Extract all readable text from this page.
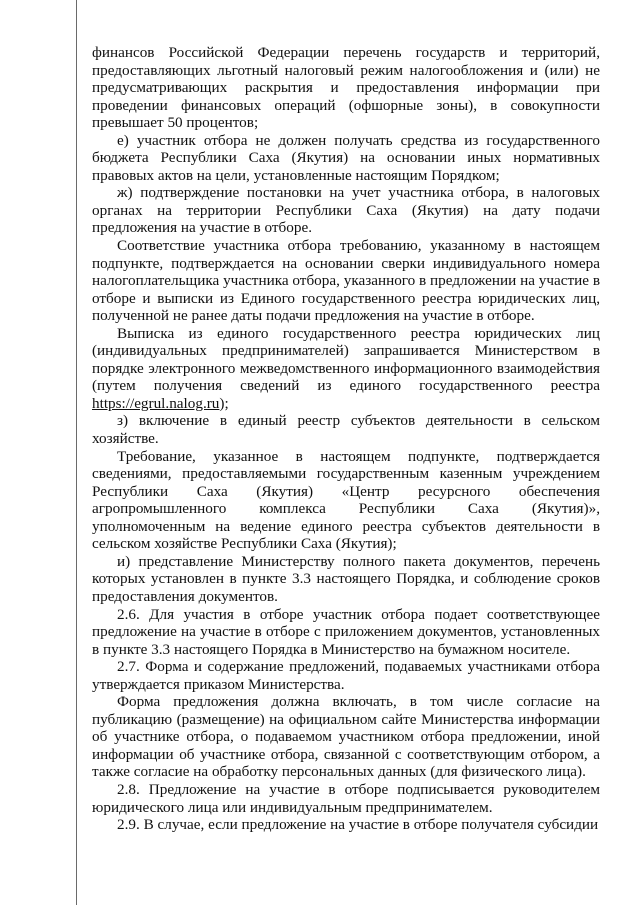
финансов Российской Федерации перечень государств и территорий, предоставляющих льготный налоговый режим налогообложения и (или) не предусматривающих раскрытия и предоставления информации при проведении финансовых операций (офшорные зоны), в совокупности превышает 50 процентов;

е) участник отбора не должен получать средства из государственного бюджета Республики Саха (Якутия) на основании иных нормативных правовых актов на цели, установленные настоящим Порядком;

ж) подтверждение постановки на учет участника отбора, в налоговых органах на территории Республики Саха (Якутия) на дату подачи предложения на участие в отборе.

Соответствие участника отбора требованию, указанному в настоящем подпункте, подтверждается на основании сверки индивидуального номера налогоплательщика участника отбора, указанного в предложении на участие в отборе и выписки из Единого государственного реестра юридических лиц, полученной не ранее даты подачи предложения на участие в отборе.

Выписка из единого государственного реестра юридических лиц (индивидуальных предпринимателей) запрашивается Министерством в порядке электронного межведомственного информационного взаимодействия (путем получения сведений из единого государственного реестра https://egrul.nalog.ru);

з) включение в единый реестр субъектов деятельности в сельском хозяйстве.

Требование, указанное в настоящем подпункте, подтверждается сведениями, предоставляемыми государственным казенным учреждением Республики Саха (Якутия) «Центр ресурсного обеспечения агропромышленного комплекса Республики Саха (Якутия)», уполномоченным на ведение единого реестра субъектов деятельности в сельском хозяйстве Республики Саха (Якутия);

и) представление Министерству полного пакета документов, перечень которых установлен в пункте 3.3 настоящего Порядка, и соблюдение сроков предоставления документов.

2.6. Для участия в отборе участник отбора подает соответствующее предложение на участие в отборе с приложением документов, установленных в пункте 3.3 настоящего Порядка в Министерство на бумажном носителе.

2.7. Форма и содержание предложений, подаваемых участниками отбора утверждается приказом Министерства.

Форма предложения должна включать, в том числе согласие на публикацию (размещение) на официальном сайте Министерства информации об участнике отбора, о подаваемом участником отбора предложении, иной информации об участнике отбора, связанной с соответствующим отбором, а также согласие на обработку персональных данных (для физического лица).

2.8. Предложение на участие в отборе подписывается руководителем юридического лица или индивидуальным предпринимателем.

2.9. В случае, если предложение на участие в отборе получателя субсидии
